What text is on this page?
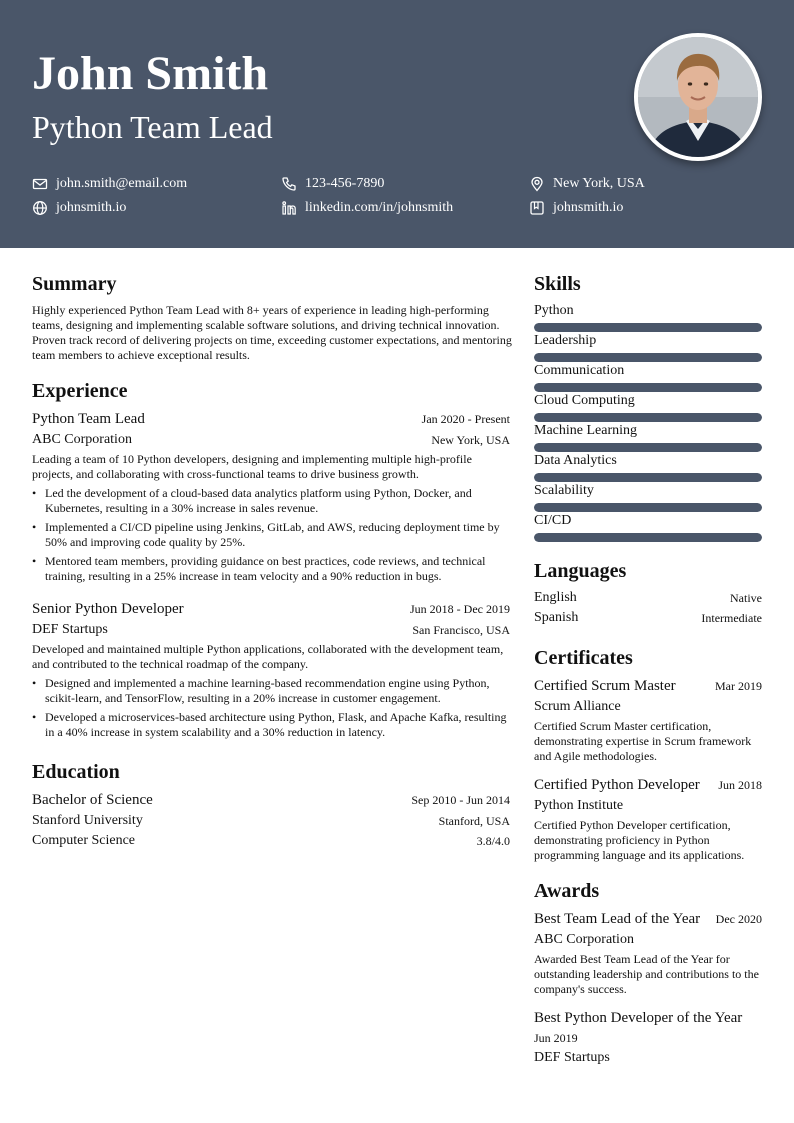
John Smith
Python Team Lead
john.smith@email.com	123-456-7890	New York, USA
johnsmith.io	linkedin.com/in/johnsmith	johnsmith.io
Summary
Highly experienced Python Team Lead with 8+ years of experience in leading high-performing teams, designing and implementing scalable software solutions, and driving technical innovation. Proven track record of delivering projects on time, exceeding customer expectations, and mentoring team members to achieve exceptional results.
Experience
Python Team Lead	Jan 2020 - Present
ABC Corporation	New York, USA
Leading a team of 10 Python developers, designing and implementing multiple high-profile projects, and collaborating with cross-functional teams to drive business growth.
• Led the development of a cloud-based data analytics platform using Python, Docker, and Kubernetes, resulting in a 30% increase in sales revenue.
• Implemented a CI/CD pipeline using Jenkins, GitLab, and AWS, reducing deployment time by 50% and improving code quality by 25%.
• Mentored team members, providing guidance on best practices, code reviews, and technical training, resulting in a 25% increase in team velocity and a 90% reduction in bugs.
Senior Python Developer	Jun 2018 - Dec 2019
DEF Startups	San Francisco, USA
Developed and maintained multiple Python applications, collaborated with the development team, and contributed to the technical roadmap of the company.
• Designed and implemented a machine learning-based recommendation engine using Python, scikit-learn, and TensorFlow, resulting in a 20% increase in customer engagement.
• Developed a microservices-based architecture using Python, Flask, and Apache Kafka, resulting in a 40% increase in system scalability and a 30% reduction in latency.
Education
Bachelor of Science	Sep 2010 - Jun 2014
Stanford University	Stanford, USA
Computer Science	3.8/4.0
Skills
Python
Leadership
Communication
Cloud Computing
Machine Learning
Data Analytics
Scalability
CI/CD
Languages
English	Native
Spanish	Intermediate
Certificates
Certified Scrum Master	Mar 2019
Scrum Alliance
Certified Scrum Master certification, demonstrating expertise in Scrum framework and Agile methodologies.
Certified Python Developer Jun 2018
Python Institute
Certified Python Developer certification, demonstrating proficiency in Python programming language and its applications.
Awards
Best Team Lead of the Year Dec 2020
ABC Corporation
Awarded Best Team Lead of the Year for outstanding leadership and contributions to the company's success.
Best Python Developer of the Year
Jun 2019
DEF Startups
